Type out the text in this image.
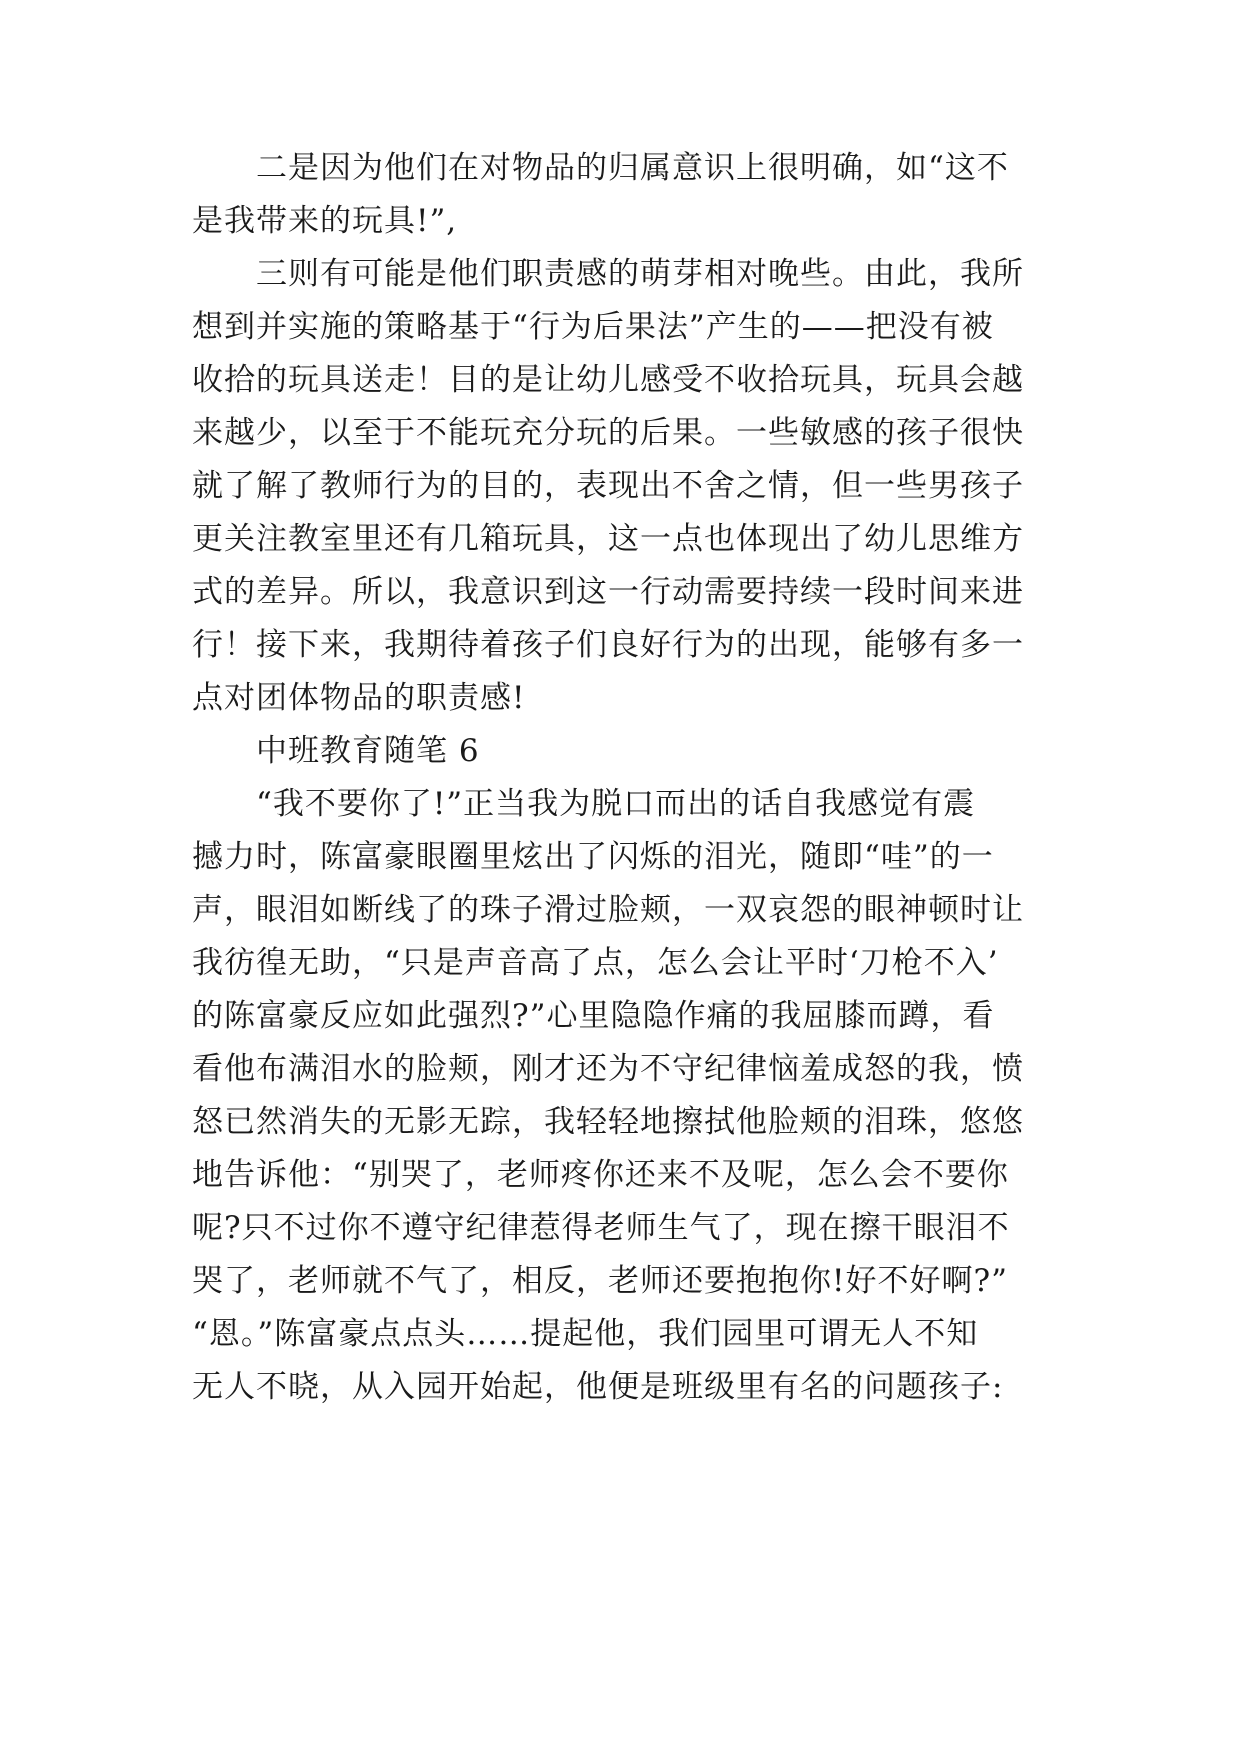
二是因为他们在对物品的归属意识上很明确，如“这不
是我带来的玩具!”,
三则有可能是他们职责感的萌芽相对晚些。由此，我所
想到并实施的策略基于“行为后果法”产生的——把没有被
收拾的玩具送走！目的是让幼儿感受不收拾玩具，玩具会越
来越少，以至于不能玩充分玩的后果。一些敏感的孩子很快
就了解了教师行为的目的，表现出不舍之情，但一些男孩子
更关注教室里还有几箱玩具，这一点也体现出了幼儿思维方
式的差异。所以，我意识到这一行动需要持续一段时间来进
行！接下来，我期待着孩子们良好行为的出现，能够有多一
点对团体物品的职责感!
中班教育随笔 6
“我不要你了!”正当我为脱口而出的话自我感觉有震
撼力时，陈富豪眼圈里炫出了闪烁的泪光，随即“哇”的一
声，眼泪如断线了的珠子滑过脸颊，一双哀怨的眼神顿时让
我彷徨无助，“只是声音高了点，怎么会让平时‘刀枪不入’
的陈富豪反应如此强烈?”心里隐隐作痛的我屈膝而蹲，看
看他布满泪水的脸颊，刚才还为不守纪律恼羞成怒的我，愤
怒已然消失的无影无踪，我轻轻地擦拭他脸颊的泪珠，悠悠
地告诉他：“别哭了，老师疼你还来不及呢，怎么会不要你
呢?只不过你不遵守纪律惹得老师生气了，现在擦干眼泪不
哭了，老师就不气了，相反，老师还要抱抱你!好不好啊?”
“恩。”陈富豪点点头……提起他，我们园里可谓无人不知
无人不晓，从入园开始起，他便是班级里有名的问题孩子:
